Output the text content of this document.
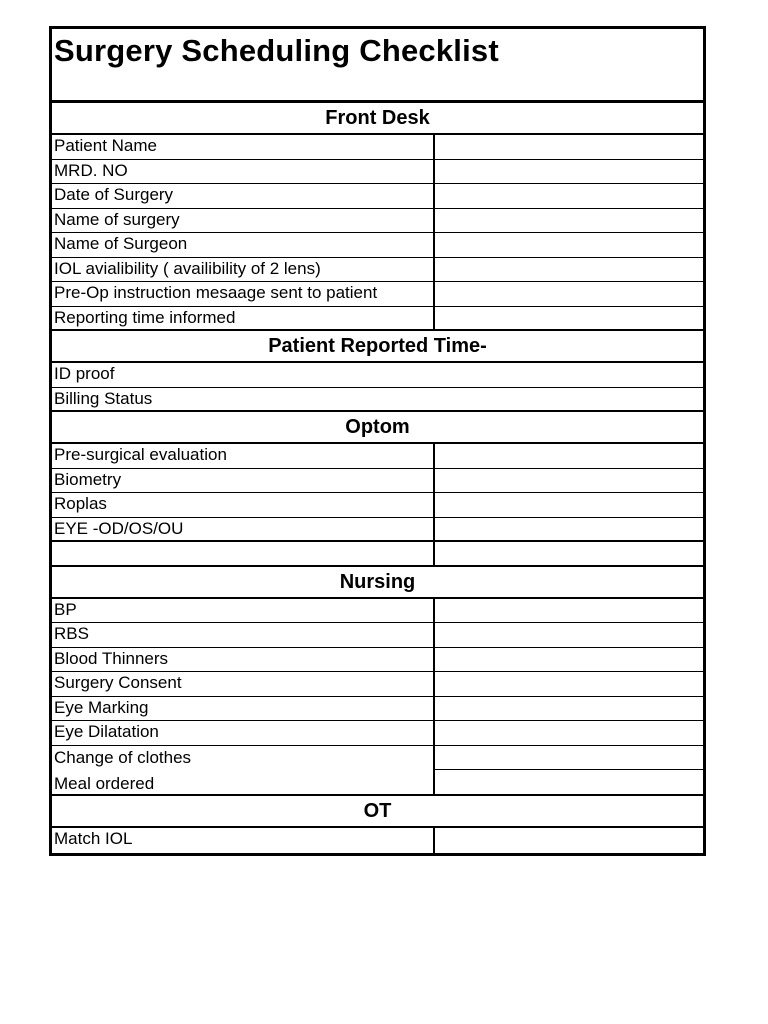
Surgery Scheduling Checklist
Front Desk
Patient Name
MRD. NO
Date of Surgery
Name of surgery
Name of Surgeon
IOL avialibility ( availibility of 2 lens)
Pre-Op instruction mesaage sent to patient
Reporting time informed
Patient Reported Time-
ID proof
Billing Status
Optom
Pre-surgical evaluation
Biometry
Roplas
EYE -OD/OS/OU
Nursing
BP
RBS
Blood Thinners
Surgery Consent
Eye Marking
Eye Dilatation
Change of clothes
Meal ordered
OT
Match IOL
